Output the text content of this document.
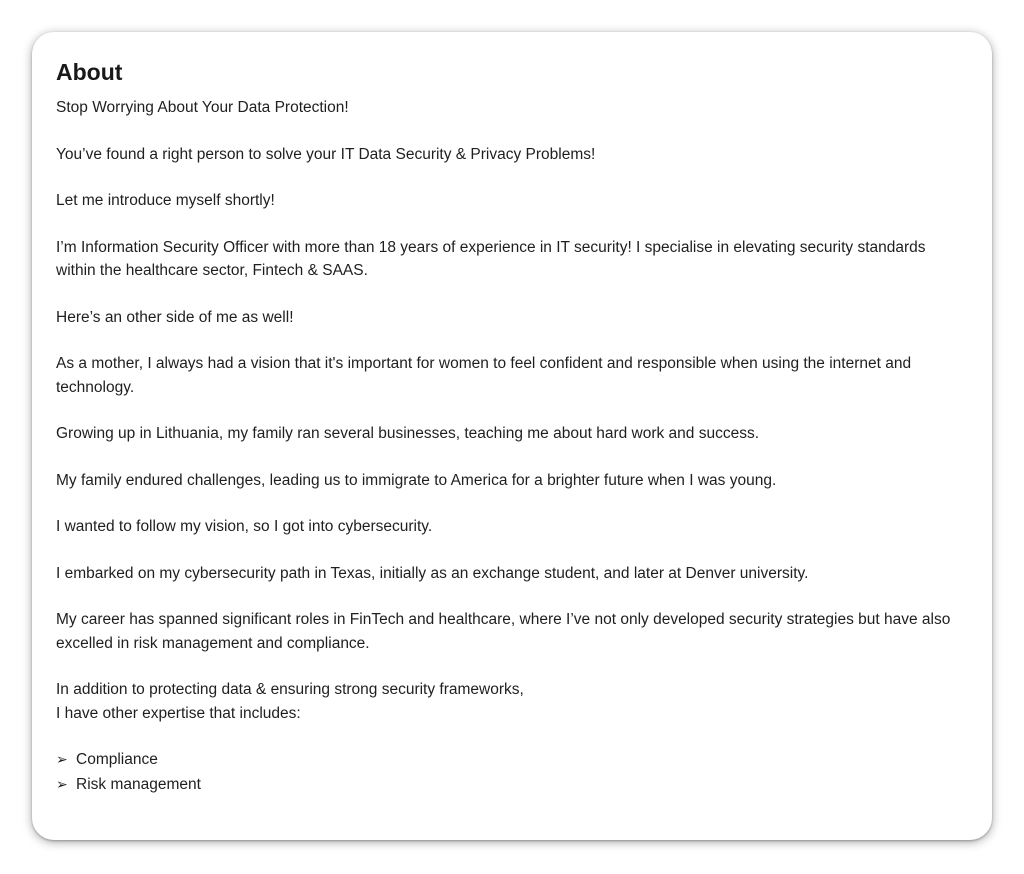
About

Stop Worrying About Your Data Protection!

You’ve found a right person to solve your IT Data Security & Privacy Problems!

Let me introduce myself shortly!

I’m Information Security Officer with more than 18 years of experience in IT security! I specialise in elevating security standards within the healthcare sector, Fintech & SAAS.

Here’s an other side of me as well!

As a mother, I always had a vision that it's important for women to feel confident and responsible when using the internet and technology.

Growing up in Lithuania, my family ran several businesses, teaching me about hard work and success.

My family endured challenges, leading us to immigrate to America for a brighter future when I was young.

I wanted to follow my vision, so I got into cybersecurity.

I embarked on my cybersecurity path in Texas, initially as an exchange student, and later at Denver university.

My career has spanned significant roles in FinTech and healthcare, where I’ve not only developed security strategies but have also excelled in risk management and compliance.

In addition to protecting data & ensuring strong security frameworks,
I have other expertise that includes:

➢ Compliance
➢ Risk management
